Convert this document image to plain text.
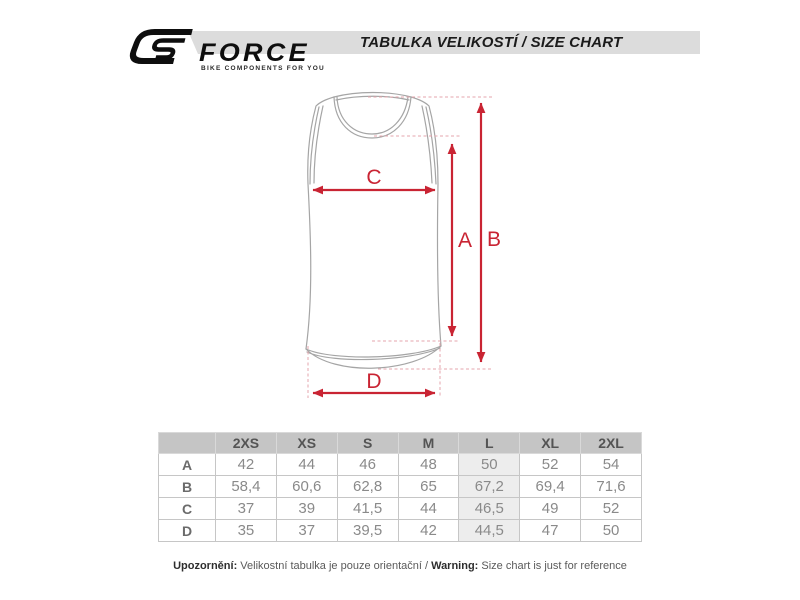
TABULKA VELIKOSTÍ / SIZE CHART
FORCE
BIKE COMPONENTS FOR YOU
C
A B
D
	2XS	XS	S	M	L	XL	2XL
A	42	44	46	48	50	52	54
B	58,4	60,6	62,8	65	67,2	69,4	71,6
C	37	39	41,5	44	46,5	49	52
D	35	37	39,5	42	44,5	47	50
Upozornění: Velikostní tabulka je pouze orientační / Warning: Size chart is just for reference
